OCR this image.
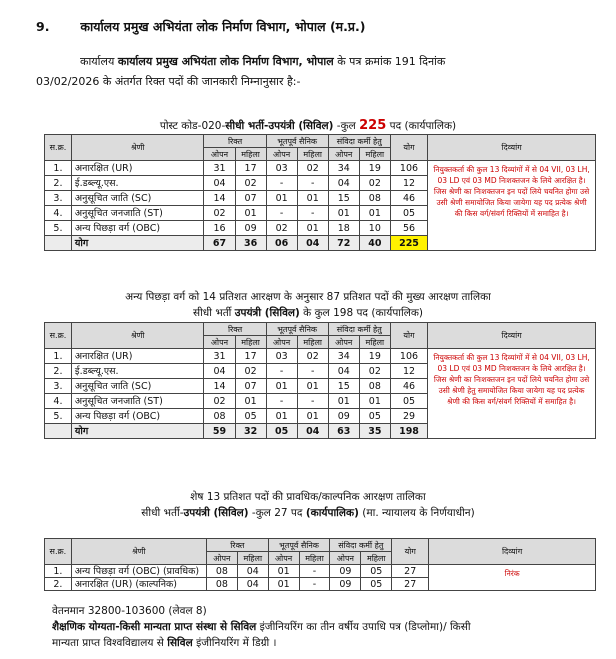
9. कार्यालय प्रमुख अभियंता लोक निर्माण विभाग, भोपाल (म.प्र.)
कार्यालय कार्यालय प्रमुख अभियंता लोक निर्माण विभाग, भोपाल के पत्र क्रमांक 191 दिनांक
03/02/2026 के अंतर्गत रिक्त पदों की जानकारी निम्नानुसार है:-
पोस्ट कोड-020-सीधी भर्ती-उपयंत्री (सिविल) -कुल 225 पद (कार्यपालिक)
स.क्र.	श्रेणी	रिक्त		भूतपूर्व सैनिक		संविदा कर्मी हेतु		योग	दिव्यांग
		ओपन	महिला	ओपन	महिला	ओपन	महिला		
1.	अनारक्षित (UR)	31	17	03	02	34	19	106	नियुक्तकर्ता की कुल 13 दिव्यांगों में से 04 VII, 03 LH, 03 LD एवं 03 MD निःशक्तजन के लिये आरक्षित है। जिस श्रेणी का निःशक्तजन इन पदों लिये चयनित होगा उसे उसी श्रेणी समायोजित किया जायेगा यह पद प्रत्येक श्रेणी की किस वर्ग/संवर्ग रिक्तियों में समाहित है।
2.	ई.डब्ल्यू.एस.	04	02	-	-	04	02	12	
3.	अनुसूचित जाति (SC)	14	07	01	01	15	08	46	
4.	अनुसूचित जनजाति (ST)	02	01	-	-	01	01	05	
5.	अन्य पिछड़ा वर्ग (OBC)	16	09	02	01	18	10	56	
	योग	67	36	06	04	72	40	225	
अन्य पिछड़ा वर्ग को 14 प्रतिशत आरक्षण के अनुसार 87 प्रतिशत पदों की मुख्य आरक्षण तालिका
सीधी भर्ती उपयंत्री (सिविल) के कुल 198 पद (कार्यपालिक)
स.क्र.	श्रेणी	रिक्त		भूतपूर्व सैनिक		संविदा कर्मी हेतु		योग	दिव्यांग
		ओपन	महिला	ओपन	महिला	ओपन	महिला		
1.	अनारक्षित (UR)	31	17	03	02	34	19	106	नियुक्तकर्ता की कुल 13 दिव्यांगों में से 04 VII, 03 LH, 03 LD एवं 03 MD निःशक्तजन के लिये आरक्षित है। जिस श्रेणी का निःशक्तजन इन पदों लिये चयनित होगा उसे उसी श्रेणी हेतु समायोजित किया जायेगा यह पद प्रत्येक श्रेणी की किस वर्ग/संवर्ग रिक्तियों में समाहित है।
2.	ई.डब्ल्यू.एस.	04	02	-	-	04	02	12	
3.	अनुसूचित जाति (SC)	14	07	01	01	15	08	46	
4.	अनुसूचित जनजाति (ST)	02	01	-	-	01	01	05	
5.	अन्य पिछड़ा वर्ग (OBC)	08	05	01	01	09	05	29	
	योग	59	32	05	04	63	35	198	
शेष 13 प्रतिशत पदों की प्रावधिक/काल्पनिक आरक्षण तालिका
सीधी भर्ती-उपयंत्री (सिविल) -कुल 27 पद (कार्यपालिक) (मा. न्यायालय के निर्णयाधीन)
स.क्र.	श्रेणी	रिक्त		भूतपूर्व सैनिक		संविदा कर्मी हेतु		योग	दिव्यांग
		ओपन	महिला	ओपन	महिला	ओपन	महिला		
1.	अन्य पिछड़ा वर्ग (OBC) (प्रावधिक)	08	04	01	-	09	05	27	निरंक
2.	अनारक्षित (UR) (काल्पनिक)	08	04	01	-	09	05	27	
वेतनमान 32800-103600 (लेवल 8)
शैक्षणिक योग्यता-किसी मान्यता प्राप्त संस्था से सिविल इंजीनियरिंग का तीन वर्षीय उपाधि पत्र (डिप्लोमा)/ किसी
मान्यता प्राप्त विश्वविद्यालय से सिविल इंजीनियरिंग में डिग्री ।
